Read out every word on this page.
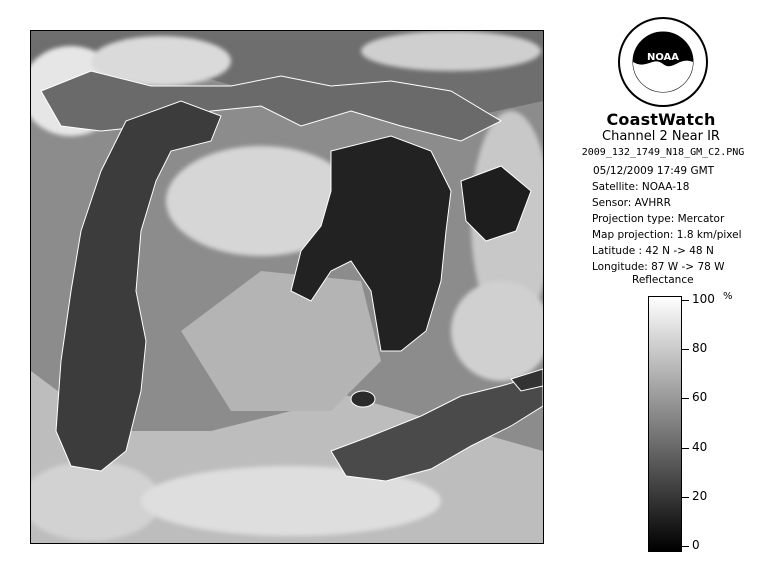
NOAA
CoastWatch
Channel 2 Near IR
2009_132_1749_N18_GM_C2.PNG
05/12/2009 17:49 GMT
Satellite: NOAA-18
Sensor: AVHRR
Projection type: Mercator
Map projection: 1.8 km/pixel
Latitude : 42 N -> 48 N
Longitude: 87 W -> 78 W
Reflectance
%
100
80
60
40
20
0
